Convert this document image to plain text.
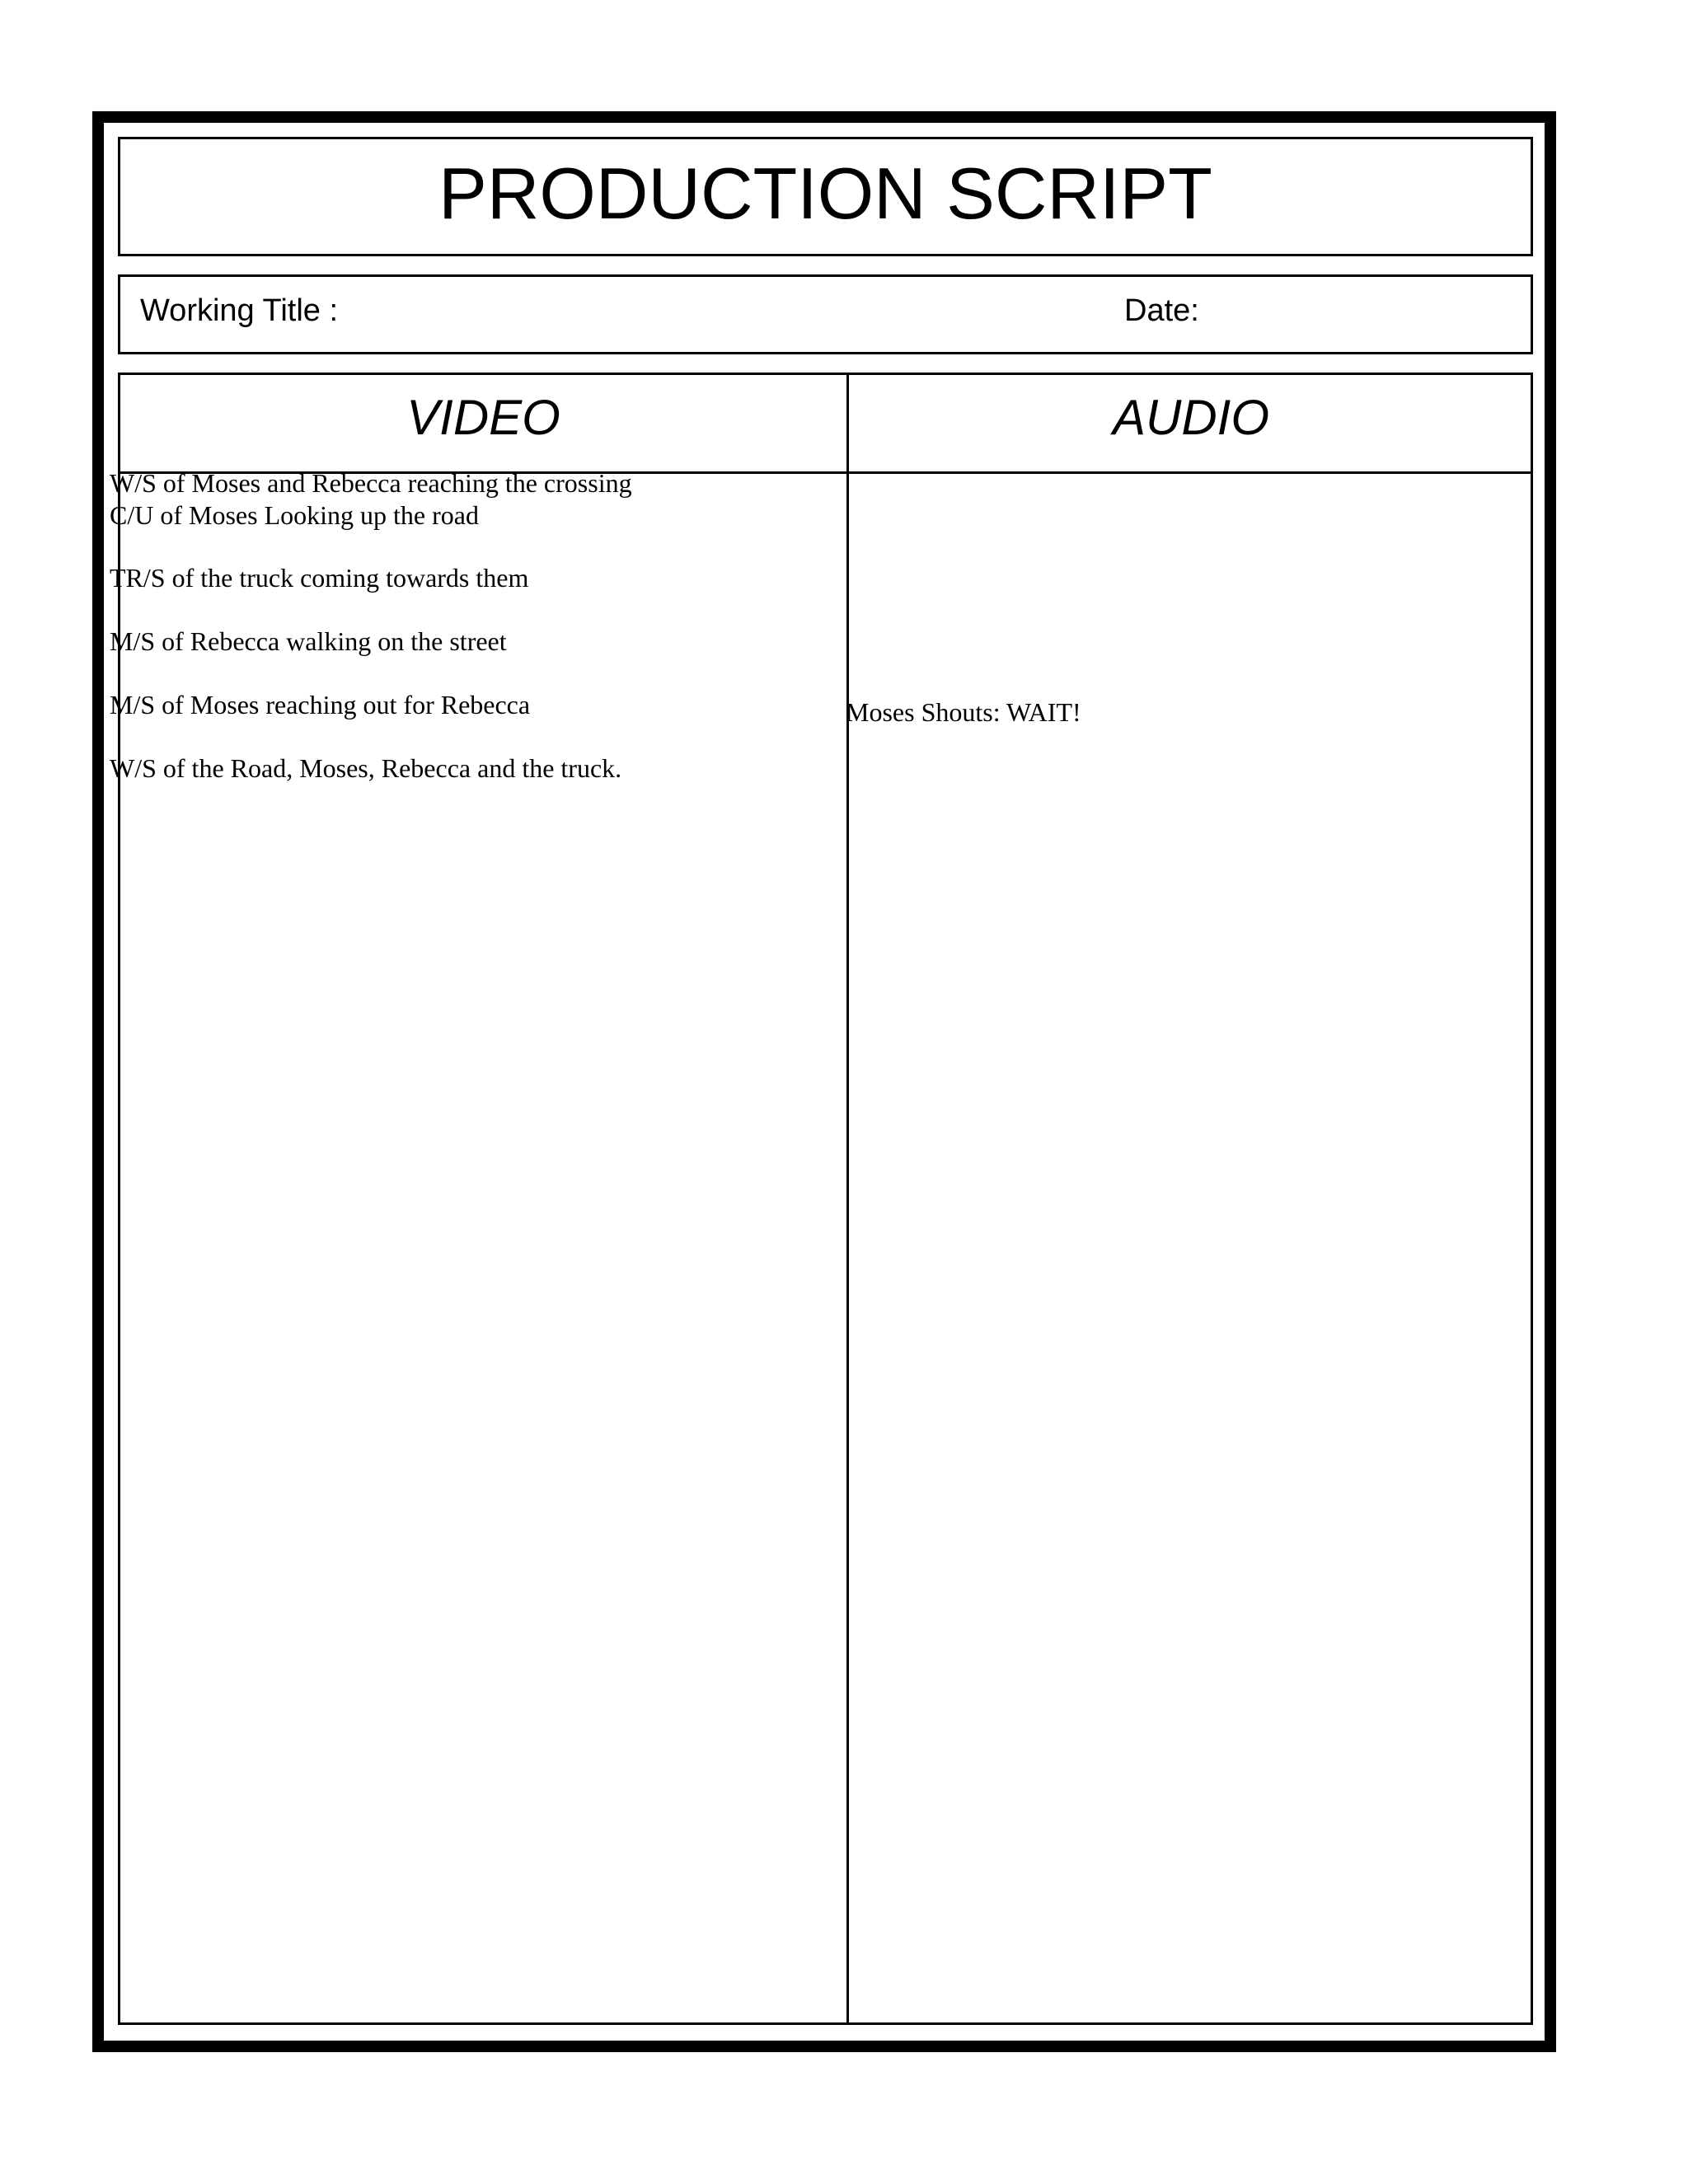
PRODUCTION SCRIPT
Working Title :	Date:
VIDEO	AUDIO
W/S of Moses and Rebecca reaching the crossing
C/U of Moses Looking up the road
TR/S of the truck coming towards them
M/S of Rebecca walking on the street
M/S of Moses reaching out for Rebecca
W/S of the Road, Moses, Rebecca and the truck.
Moses Shouts: WAIT!
